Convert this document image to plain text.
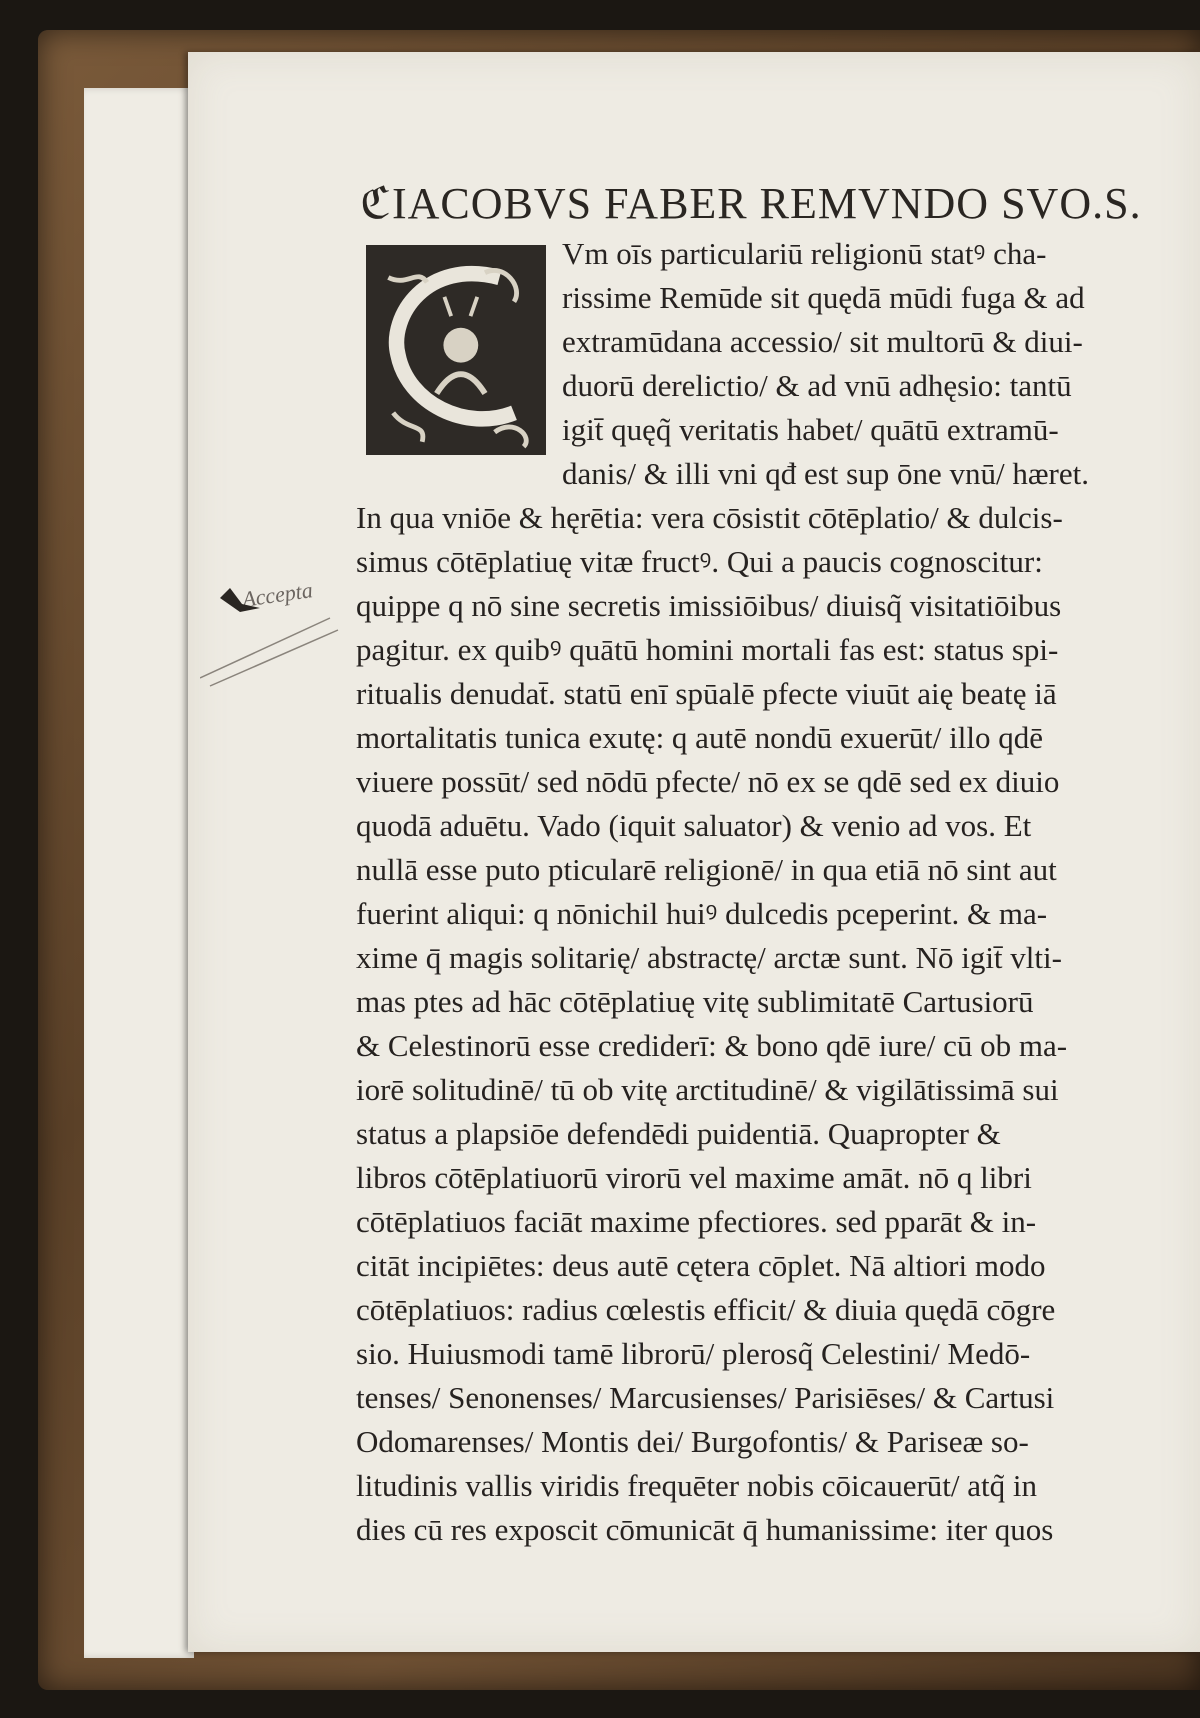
ℭIACOBVS FABER REMVNDO SVO.S.
Accepta
Vm oīs particulariū religionū statꝰ cha-
rissime Remūde sit quędā mūdi fuga & ad
extramūdana accessio/ sit multorū & diui-
duorū derelictio/ & ad vnū adhęsio: tantū
igit̄ quęq̃ veritatis habet/ quātū extramū-
danis/ & illi vni qđ est sup ōne vnū/ hæret.
In qua vniōe & hęrētia: vera cōsistit cōtēplatio/ & dulcis-
simus cōtēplatiuę vitæ fructꝰ. Qui a paucis cognoscitur:
quippe q nō sine secretis imissiōibus/ diuisq̃ visitatiōibus
pagitur. ex quibꝰ quātū homini mortali fas est: status spi-
ritualis denudat̄. statū enī spūalē pfecte viuūt aię beatę iā
mortalitatis tunica exutę: q autē nondū exuerūt/ illo qdē
viuere possūt/ sed nōdū pfecte/ nō ex se qdē sed ex diuio
quodā aduētu. Vado (iquit saluator) & venio ad vos. Et
nullā esse puto pticularē religionē/ in qua etiā nō sint aut
fuerint aliqui: q nōnichil huiꝰ dulcedis pceperint. & ma-
xime q̄ magis solitarię/ abstractę/ arctæ sunt. Nō igit̄ vlti-
mas ptes ad hāc cōtēplatiuę vitę sublimitatē Cartusiorū
& Celestinorū esse crediderī: & bono qdē iure/ cū ob ma-
iorē solitudinē/ tū ob vitę arctitudinē/ & vigilātissimā sui
status a plapsiōe defendēdi puidentiā. Quapropter &
libros cōtēplatiuorū virorū vel maxime amāt. nō q libri
cōtēplatiuos faciāt maxime pfectiores. sed pparāt & in-
citāt incipiētes: deus autē cętera cōplet. Nā altiori modo
cōtēplatiuos: radius cœlestis efficit/ & diuia quędā cōgre
sio. Huiusmodi tamē librorū/ plerosq̃ Celestini/ Medō-
tenses/ Senonenses/ Marcusienses/ Parisiēses/ & Cartusi
Odomarenses/ Montis dei/ Burgofontis/ & Pariseæ so-
litudinis vallis viridis frequēter nobis cōicauerūt/ atq̃ in
dies cū res exposcit cōmunicāt q̄ humanissime: iter quos
